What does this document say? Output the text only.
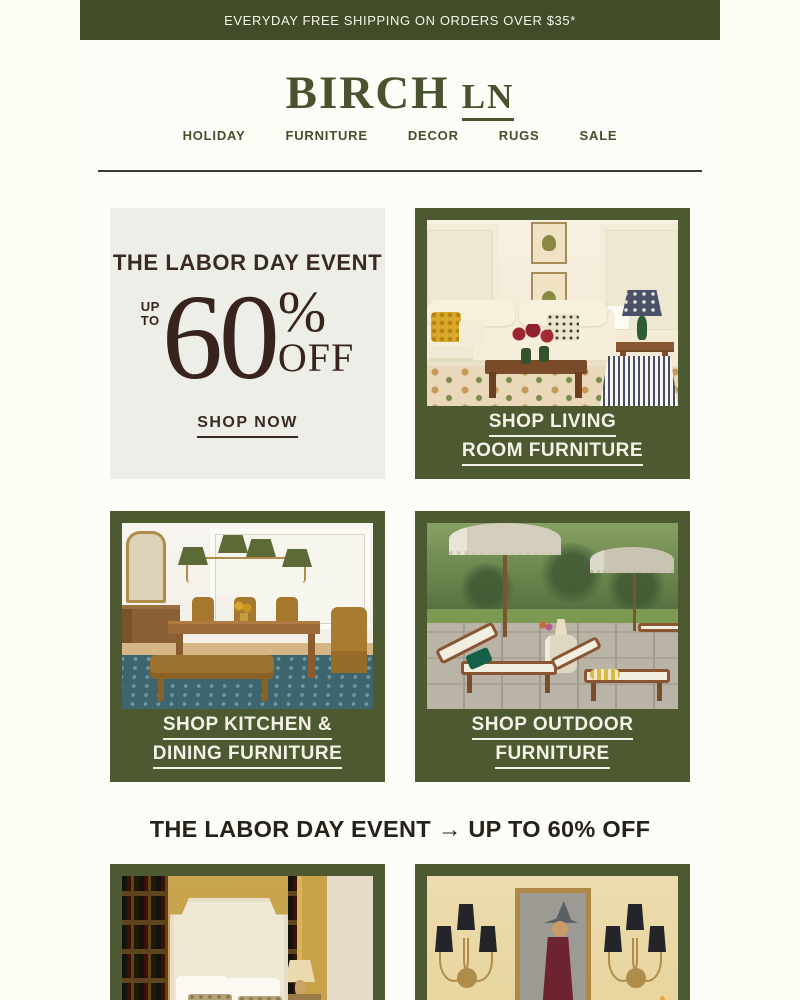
EVERYDAY FREE SHIPPING ON ORDERS OVER $35*
BIRCH LN
HOLIDAY	FURNITURE	DECOR	RUGS	SALE
THE LABOR DAY EVENT
UP
TO 60 %
OFF
SHOP NOW	SHOP LIVING
ROOM FURNITURE
SHOP KITCHEN &
DINING FURNITURE
SHOP OUTDOOR
FURNITURE
THE LABOR DAY EVENT → UP TO 60% OFF
